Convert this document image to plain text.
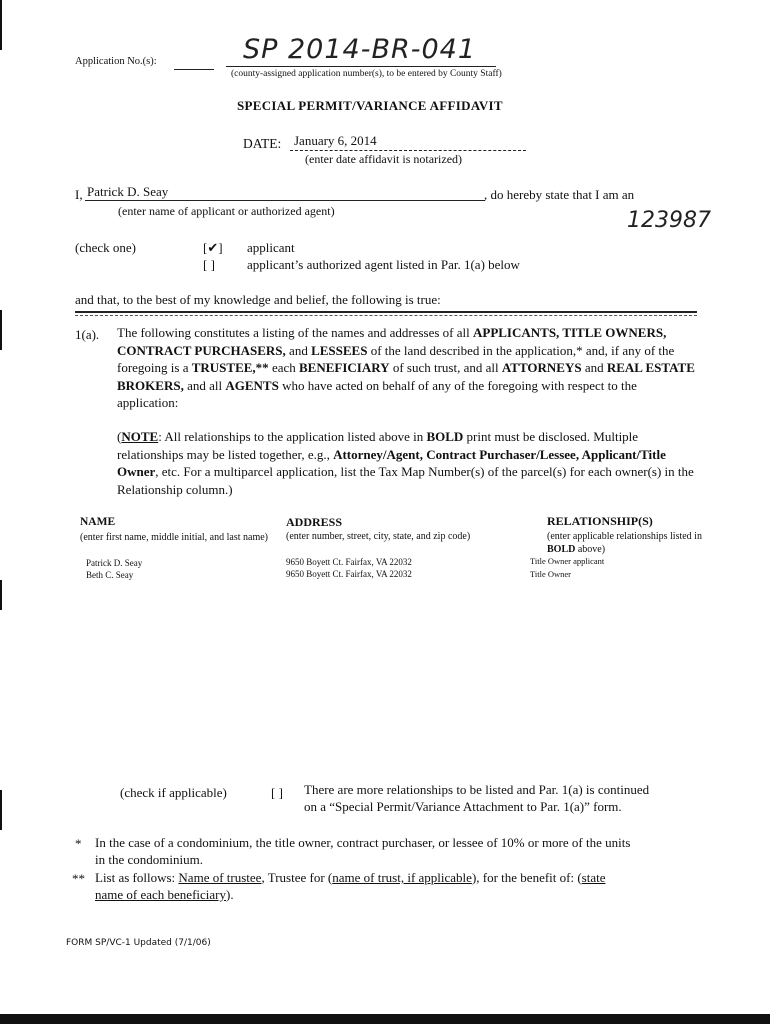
Application No.(s):	SP 2014-BR-041
(county-assigned application number(s), to be entered by County Staff)
SPECIAL PERMIT/VARIANCE AFFIDAVIT
DATE: January 6, 2014
(enter date affidavit is notarized)
I, Patrick D. Seay	, do hereby state that I am an
(enter name of applicant or authorized agent)	123987
(check one)	[✔] applicant
[ ] applicant’s authorized agent listed in Par. 1(a) below
and that, to the best of my knowledge and belief, the following is true:
1(a). The following constitutes a listing of the names and addresses of all APPLICANTS, TITLE OWNERS, CONTRACT PURCHASERS, and LESSEES of the land described in the application,* and, if any of the foregoing is a TRUSTEE,** each BENEFICIARY of such trust, and all ATTORNEYS and REAL ESTATE BROKERS, and all AGENTS who have acted on behalf of any of the foregoing with respect to the application:
(NOTE: All relationships to the application listed above in BOLD print must be disclosed. Multiple relationships may be listed together, e.g., Attorney/Agent, Contract Purchaser/Lessee, Applicant/Title Owner, etc. For a multiparcel application, list the Tax Map Number(s) of the parcel(s) for each owner(s) in the Relationship column.)
NAME
(enter first name, middle initial, and last name)
ADDRESS
(enter number, street, city, state, and zip code)
RELATIONSHIP(S)
(enter applicable relationships listed in BOLD above)
Patrick D. Seay	9650 Boyett Ct. Fairfax, VA 22032	Title Owner applicant
Beth C. Seay	9650 Boyett Ct. Fairfax, VA 22032	Title Owner
(check if applicable)	[ ] There are more relationships to be listed and Par. 1(a) is continued
on a “Special Permit/Variance Attachment to Par. 1(a)” form.
* In the case of a condominium, the title owner, contract purchaser, or lessee of 10% or more of the units
in the condominium.
** List as follows: Name of trustee, Trustee for (name of trust, if applicable), for the benefit of: (state
name of each beneficiary).
FORM SP/VC-1 Updated (7/1/06)
